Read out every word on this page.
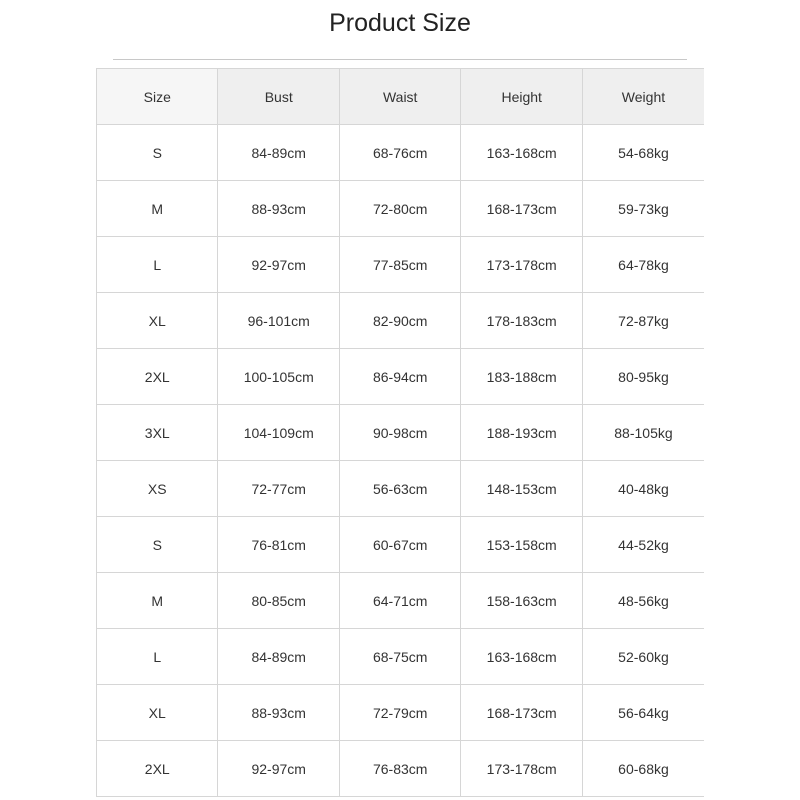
Product Size
Size	Bust	Waist	Height	Weight
S	84-89cm	68-76cm	163-168cm	54-68kg
M	88-93cm	72-80cm	168-173cm	59-73kg
L	92-97cm	77-85cm	173-178cm	64-78kg
XL	96-101cm	82-90cm	178-183cm	72-87kg
2XL	100-105cm	86-94cm	183-188cm	80-95kg
3XL	104-109cm	90-98cm	188-193cm	88-105kg
XS	72-77cm	56-63cm	148-153cm	40-48kg
S	76-81cm	60-67cm	153-158cm	44-52kg
M	80-85cm	64-71cm	158-163cm	48-56kg
L	84-89cm	68-75cm	163-168cm	52-60kg
XL	88-93cm	72-79cm	168-173cm	56-64kg
2XL	92-97cm	76-83cm	173-178cm	60-68kg
